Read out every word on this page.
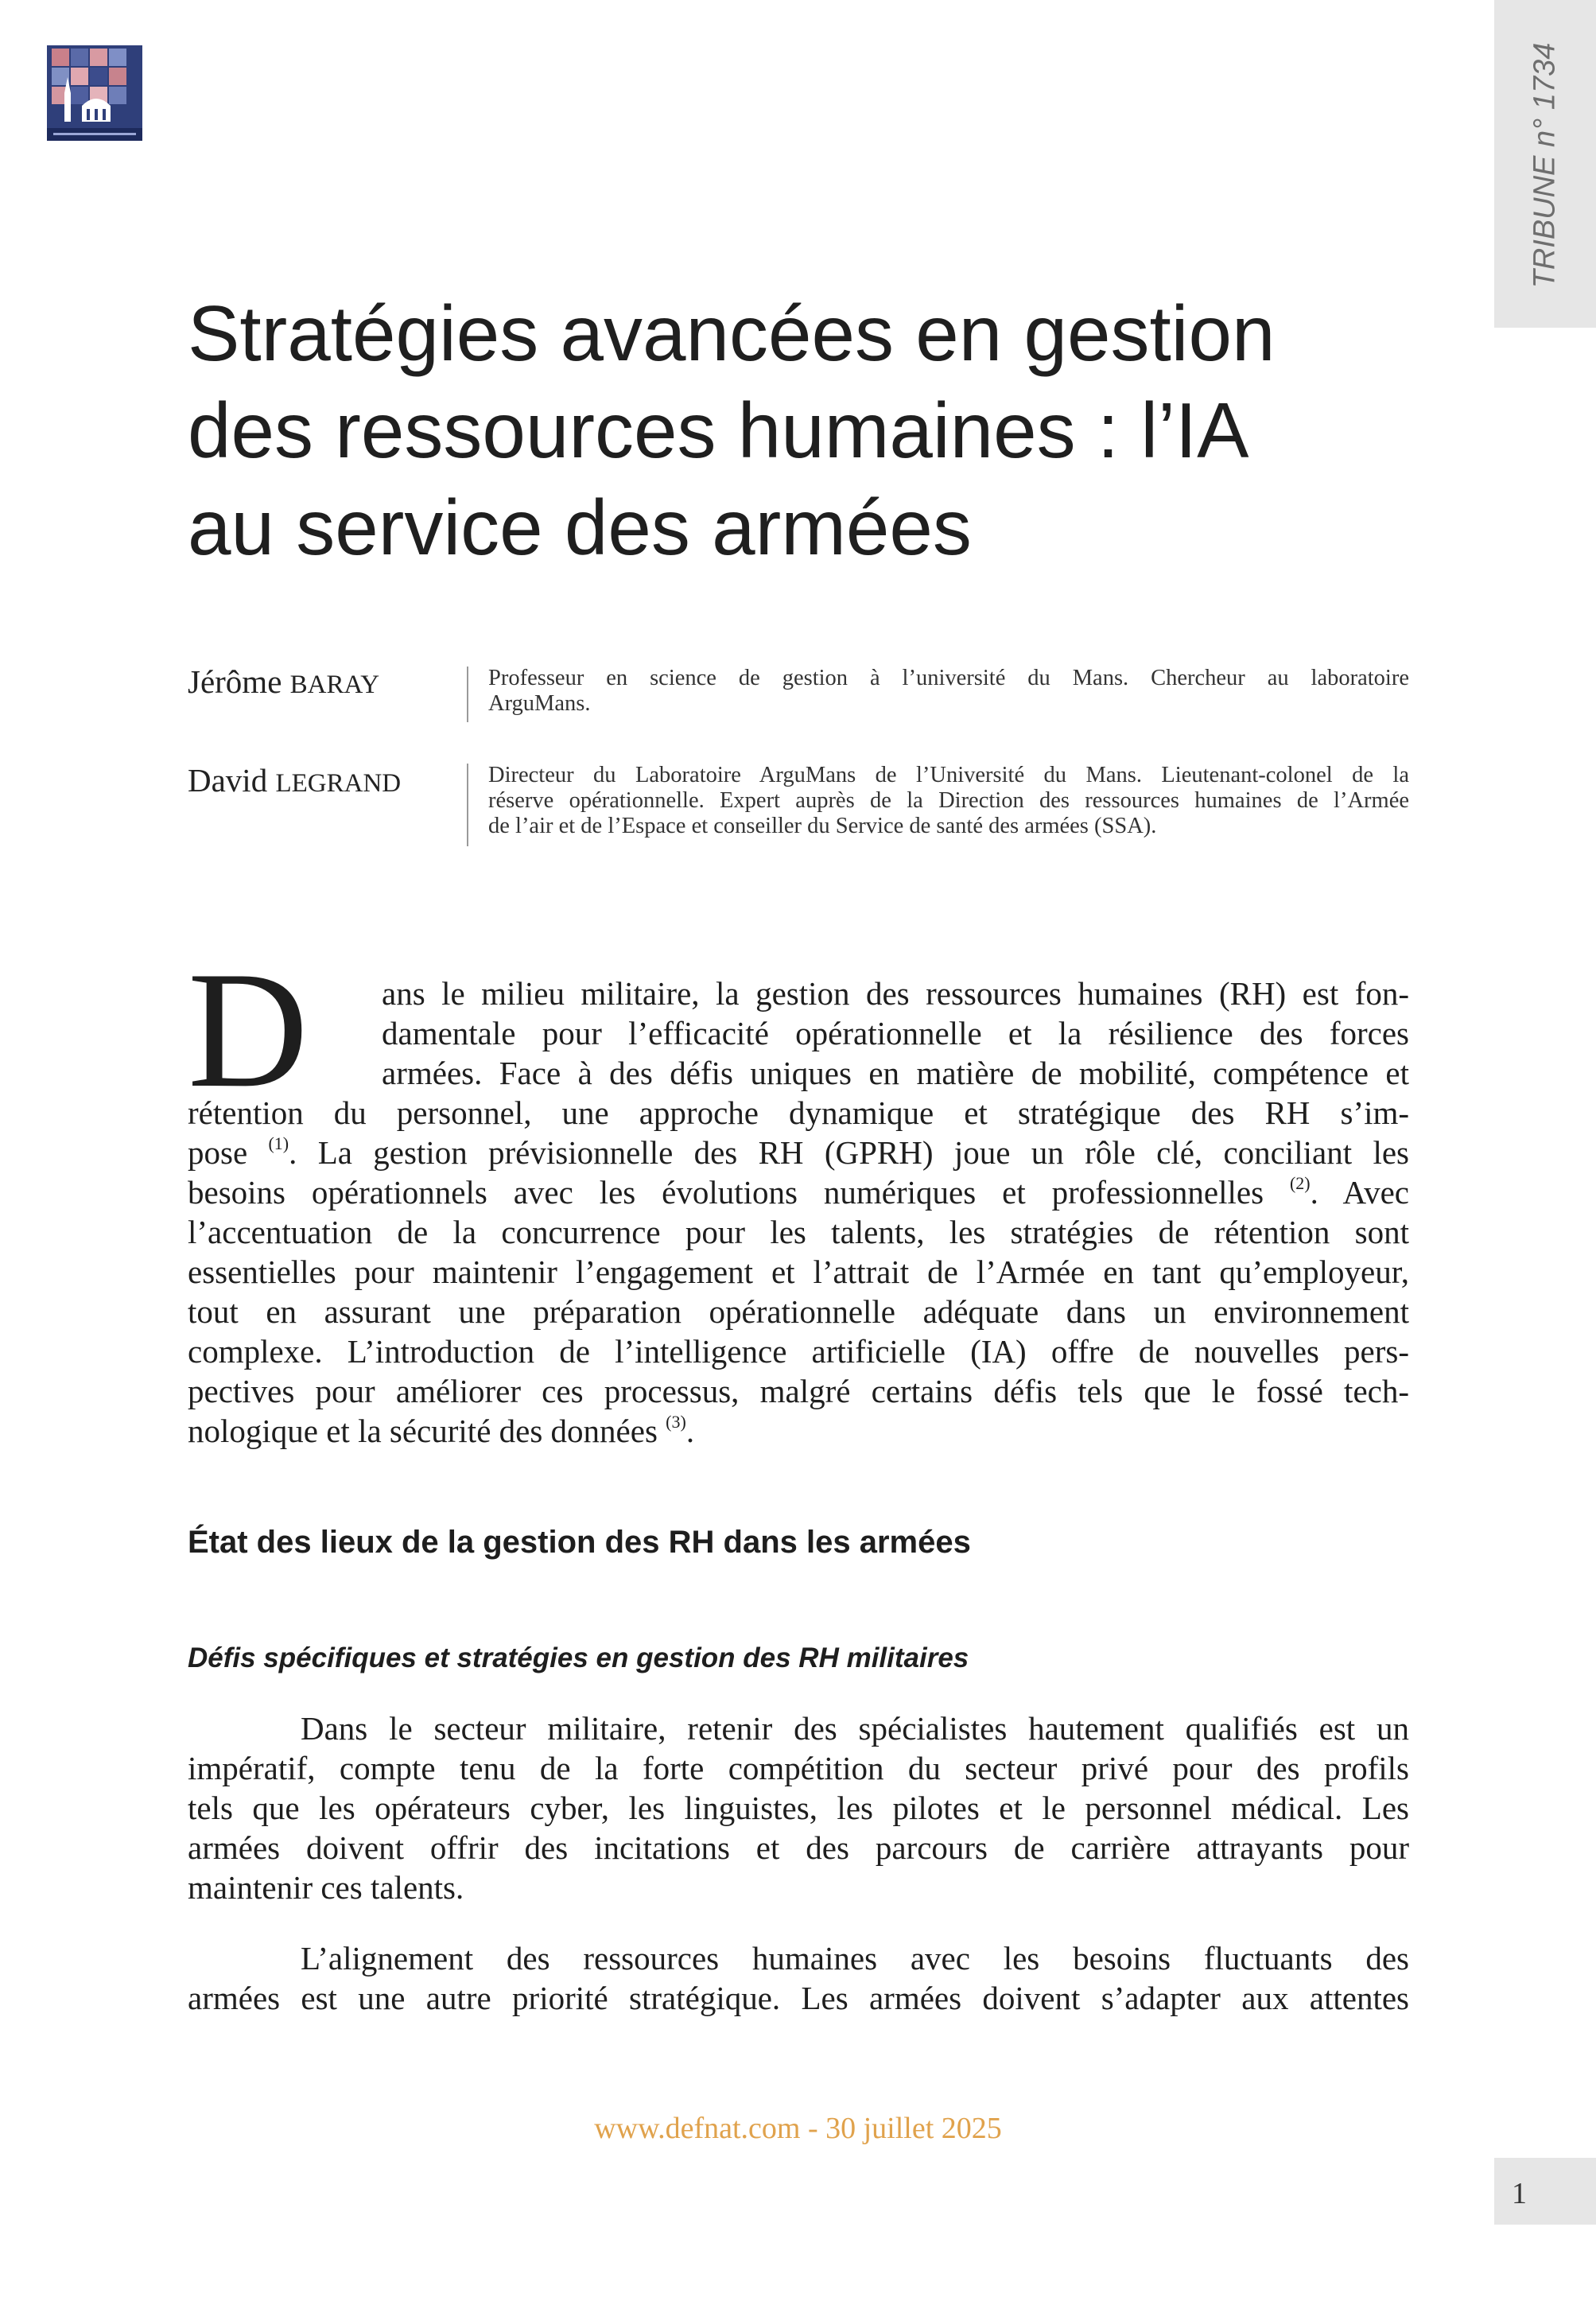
TRIBUNE n° 1734
Stratégies avancées en gestion
des ressources humaines : l’IA
au service des armées
Jérôme BARAY	Professeur en science de gestion à l’université du Mans. Chercheur au laboratoire
ArguMans.
David LEGRAND	Directeur du Laboratoire ArguMans de l’Université du Mans. Lieutenant-colonel de la
réserve opérationnelle. Expert auprès de la Direction des ressources humaines de l’Armée
de l’air et de l’Espace et conseiller du Service de santé des armées (SSA).
D ans le milieu militaire, la gestion des ressources humaines (RH) est fon-
damentale pour l’efficacité opérationnelle et la résilience des forces
armées. Face à des défis uniques en matière de mobilité, compétence et
rétention du personnel, une approche dynamique et stratégique des RH s’im-
pose $^{(1)}$. La gestion prévisionnelle des RH (GPRH) joue un rôle clé, conciliant les
besoins opérationnels avec les évolutions numériques et professionnelles $^{(2)}$. Avec
l’accentuation de la concurrence pour les talents, les stratégies de rétention sont
essentielles pour maintenir l’engagement et l’attrait de l’Armée en tant qu’employeur,
tout en assurant une préparation opérationnelle adéquate dans un environnement
complexe. L’introduction de l’intelligence artificielle (IA) offre de nouvelles pers-
pectives pour améliorer ces processus, malgré certains défis tels que le fossé tech-
nologique et la sécurité des données $^{(3)}$.
État des lieux de la gestion des RH dans les armées
Défis spécifiques et stratégies en gestion des RH militaires
Dans le secteur militaire, retenir des spécialistes hautement qualifiés est un
impératif, compte tenu de la forte compétition du secteur privé pour des profils
tels que les opérateurs cyber, les linguistes, les pilotes et le personnel médical. Les
armées doivent offrir des incitations et des parcours de carrière attrayants pour
maintenir ces talents.
L’alignement des ressources humaines avec les besoins fluctuants des
armées est une autre priorité stratégique. Les armées doivent s’adapter aux attentes
www.defnat.com - 30 juillet 2025
1
